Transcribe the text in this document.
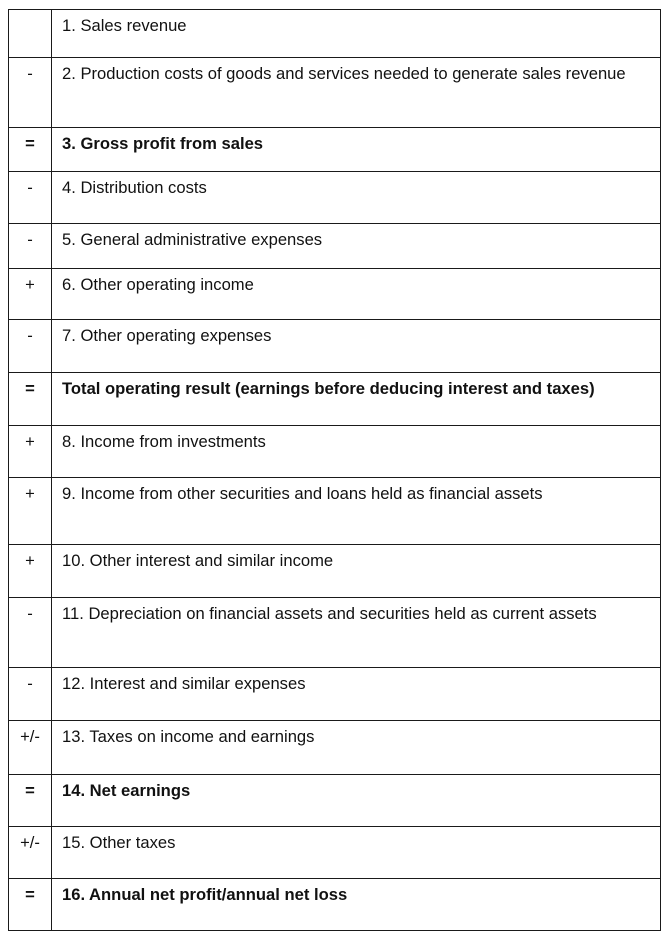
	1. Sales revenue
-	2. Production costs of goods and services needed to generate sales revenue
=	3. Gross profit from sales
-	4. Distribution costs
-	5. General administrative expenses
+	6. Other operating income
-	7. Other operating expenses
=	Total operating result (earnings before deducing interest and taxes)
+	8. Income from investments
+	9. Income from other securities and loans held as financial assets
+	10. Other interest and similar income
-	11. Depreciation on financial assets and securities held as current assets
-	12. Interest and similar expenses
+/-	13. Taxes on income and earnings
=	14. Net earnings
+/-	15. Other taxes
=	16. Annual net profit/annual net loss
